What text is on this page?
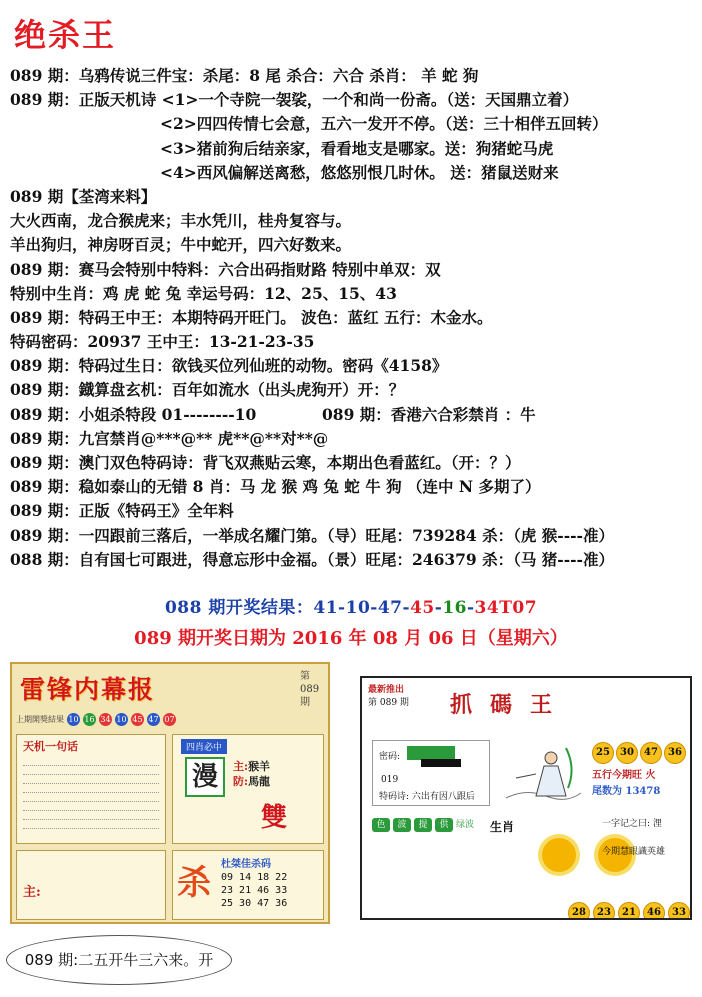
绝杀王
089 期：乌鸦传说三件宝：杀尾：8 尾 杀合：六合 杀肖： 羊 蛇 狗
089 期：正版天机诗 <1>一个寺院一袈裟，一个和尚一份斋。（送：天国鼎立着）
<2>四四传情七会意，五六一发开不停。（送：三十相伴五回转）
<3>猪前狗后结亲家，看看地支是哪家。送：狗猪蛇马虎
<4>西风偏解送离愁，悠悠别恨几时休。 送：猪鼠送财来
089 期【荃湾来料】
大火西南，龙合猴虎来；丰水凭川，桂舟复容与。
羊出狗归，神房呀百灵；牛中蛇开，四六好数来。
089 期：赛马会特别中特料：六合出码指财路 特别中单双：双
特别中生肖：鸡 虎 蛇 兔 幸运号码：12、25、15、43
089 期：特码王中王：本期特码开旺门。 波色：蓝红 五行：木金水。
特码密码：20937 王中王：13-21-23-35
089 期：特码过生日：欲钱买位列仙班的动物。密码《4158》
089 期：鐡算盘玄机：百年如流水（出头虎狗开）开：？
089 期：小姐杀特段 01--------10	089 期：香港六合彩禁肖 ：牛
089 期：九宫禁肖@***@** 虎**@**对**@
089 期：澳门双色特码诗：背飞双燕贴云寒，本期出色看蓝红。（开：？）
089 期：稳如泰山的无错 8 肖：马 龙 猴 鸡 兔 蛇 牛 狗 （连中 N 多期了）
089 期：正版《特码王》全年料
089 期：一四跟前三落后，一举成名耀门第。（导）旺尾：739284 杀：（虎 猴----准）
088 期：自有国七可跟进，得意忘形中金福。（景）旺尾：246379 杀：（马 猪----准）
088 期开奖结果：41-10-47-45-16-34T07
089 期开奖日期为 2016 年 08 月 06 日（星期六）
雷锋内幕报	第 089 期
上期開獎結果 10 16 34 10 45 47 07
天机一句话	四肖必中
漫	主:猴羊
防:馬龍
雙
主:	杀 杜桀佳杀码
09 14 18 22
23 21 46 33
25 30 47 36
最新推出
第 089 期 抓碼王
密码:
019
特码诗: 六出有因八跟后
25	30	47	36
五行今期旺 火
尾数为 13478
色	波	提	供 绿波 生肖	一字记之曰: 浬
今期慧眼識英雄
28	23	21	46	33
089 期:二五开牛三六来。开
